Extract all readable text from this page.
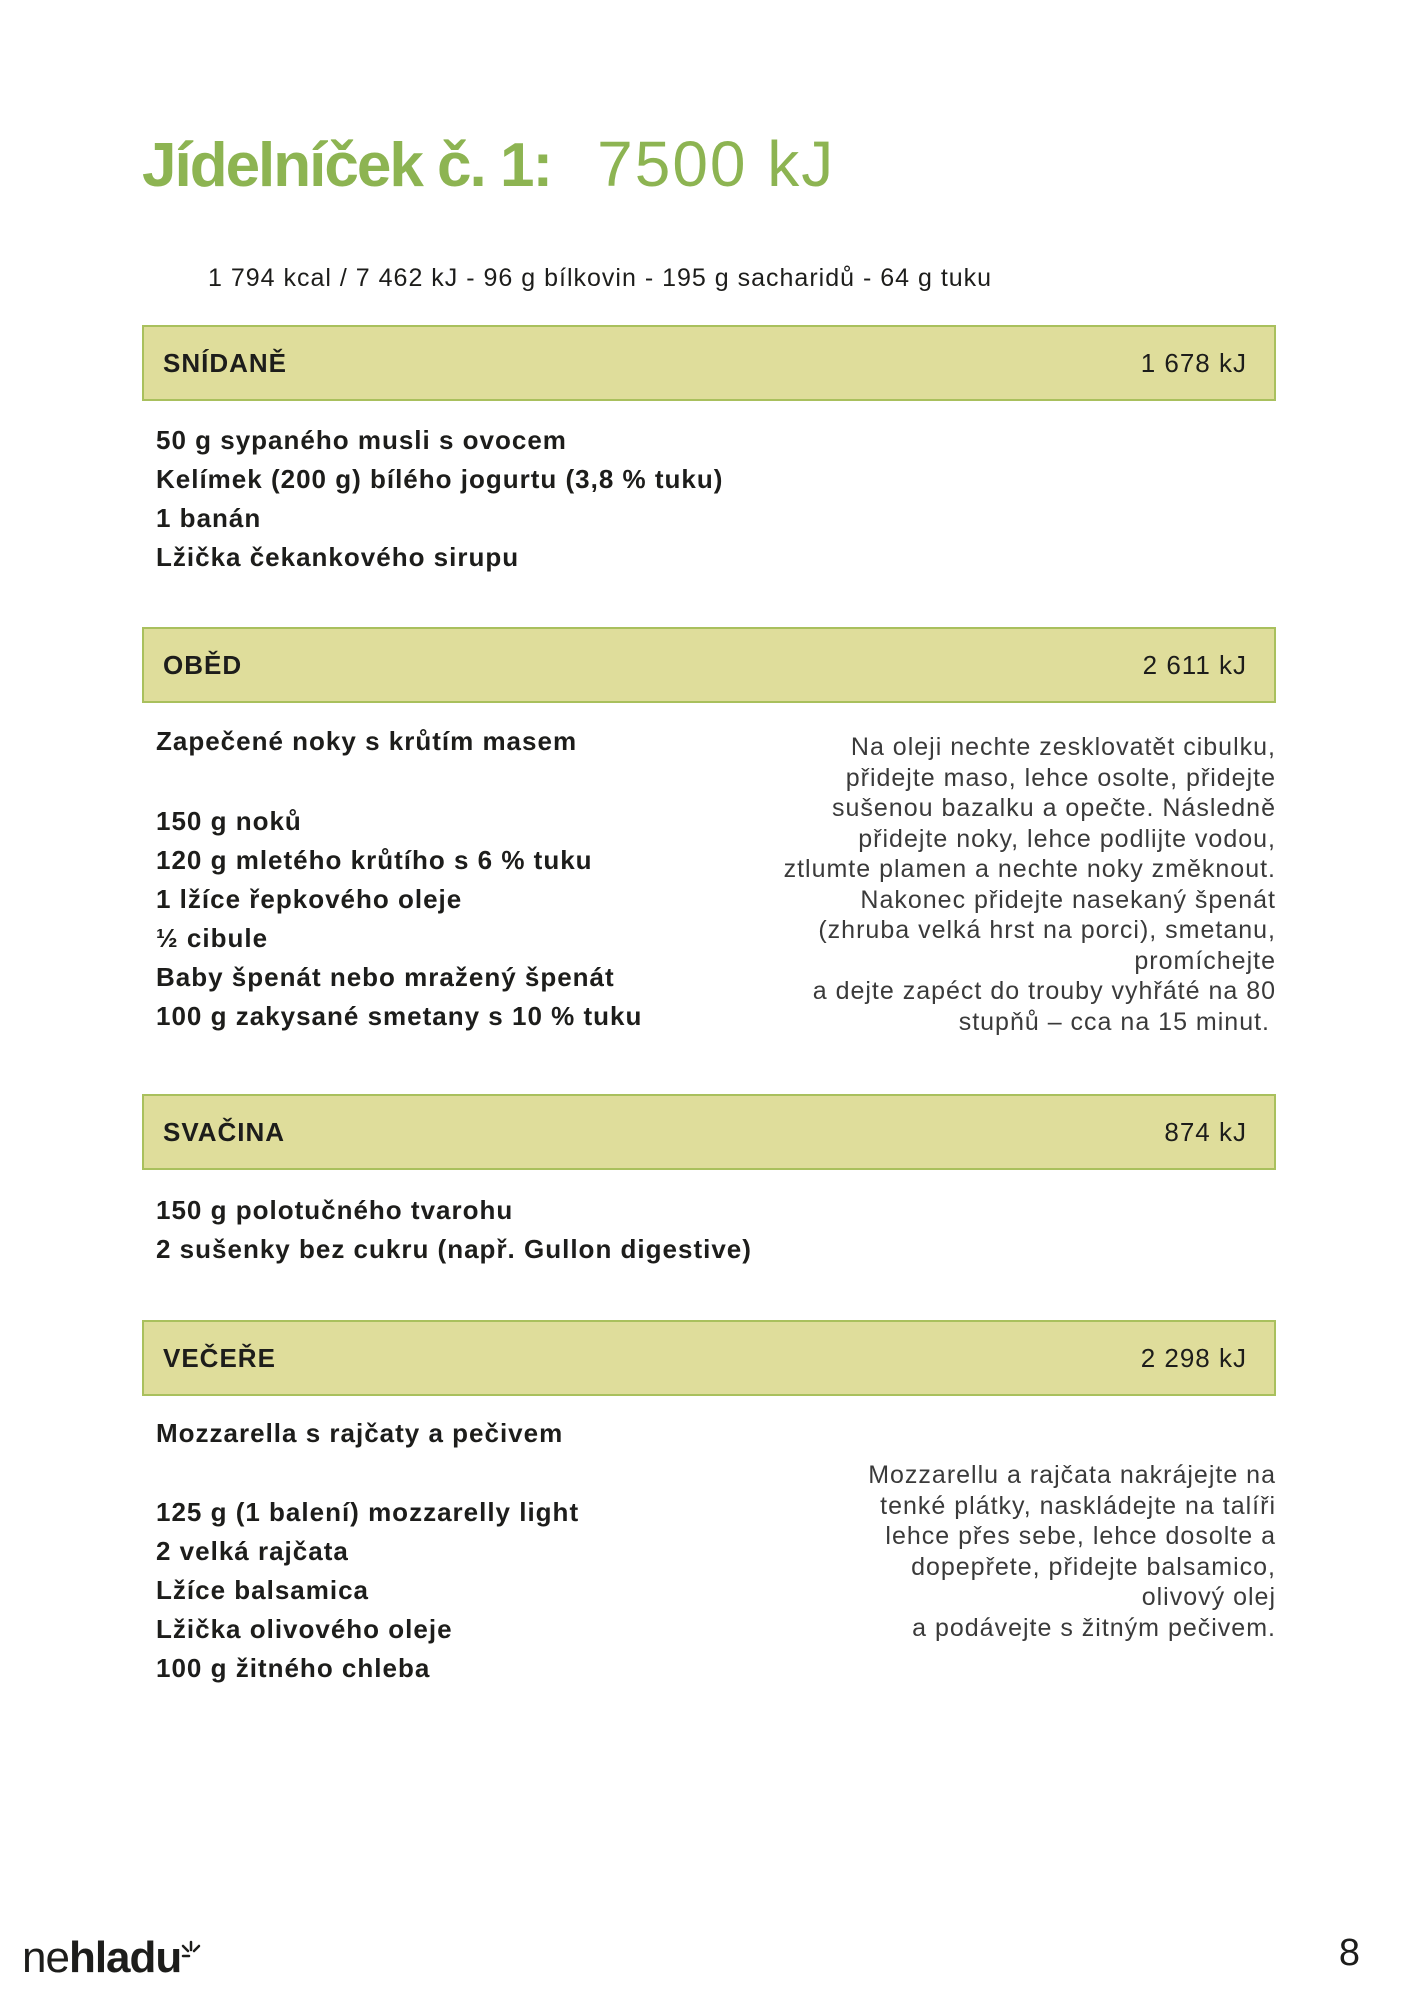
Jídelníček č. 1: 7500 kJ
1 794 kcal / 7 462 kJ - 96 g bílkovin - 195 g sacharidů - 64 g tuku
SNÍDANĚ	1 678 kJ
50 g sypaného musli s ovocem
Kelímek (200 g) bílého jogurtu (3,8 % tuku)
1 banán
Lžička čekankového sirupu
OBĚD	2 611 kJ
Zapečené noky s krůtím masem
150 g noků
120 g mletého krůtího s 6 % tuku
1 lžíce řepkového oleje
½ cibule
Baby špenát nebo mražený špenát
100 g zakysané smetany s 10 % tuku
Na oleji nechte zesklovatět cibulku,
přidejte maso, lehce osolte, přidejte
sušenou bazalku a opečte. Následně
přidejte noky, lehce podlijte vodou,
ztlumte plamen a nechte noky změknout.
Nakonec přidejte nasekaný špenát
(zhruba velká hrst na porci), smetanu,
promíchejte
a dejte zapéct do trouby vyhřáté na 80
stupňů – cca na 15 minut.
SVAČINA	874 kJ
150 g polotučného tvarohu
2 sušenky bez cukru (např. Gullon digestive)
VEČEŘE	2 298 kJ
Mozzarella s rajčaty a pečivem
125 g (1 balení) mozzarelly light
2 velká rajčata
Lžíce balsamica
Lžička olivového oleje
100 g žitného chleba
Mozzarellu a rajčata nakrájejte na
tenké plátky, naskládejte na talíři
lehce přes sebe, lehce dosolte a
dopepřete, přidejte balsamico,
olivový olej
a podávejte s žitným pečivem.
nehladu	8
